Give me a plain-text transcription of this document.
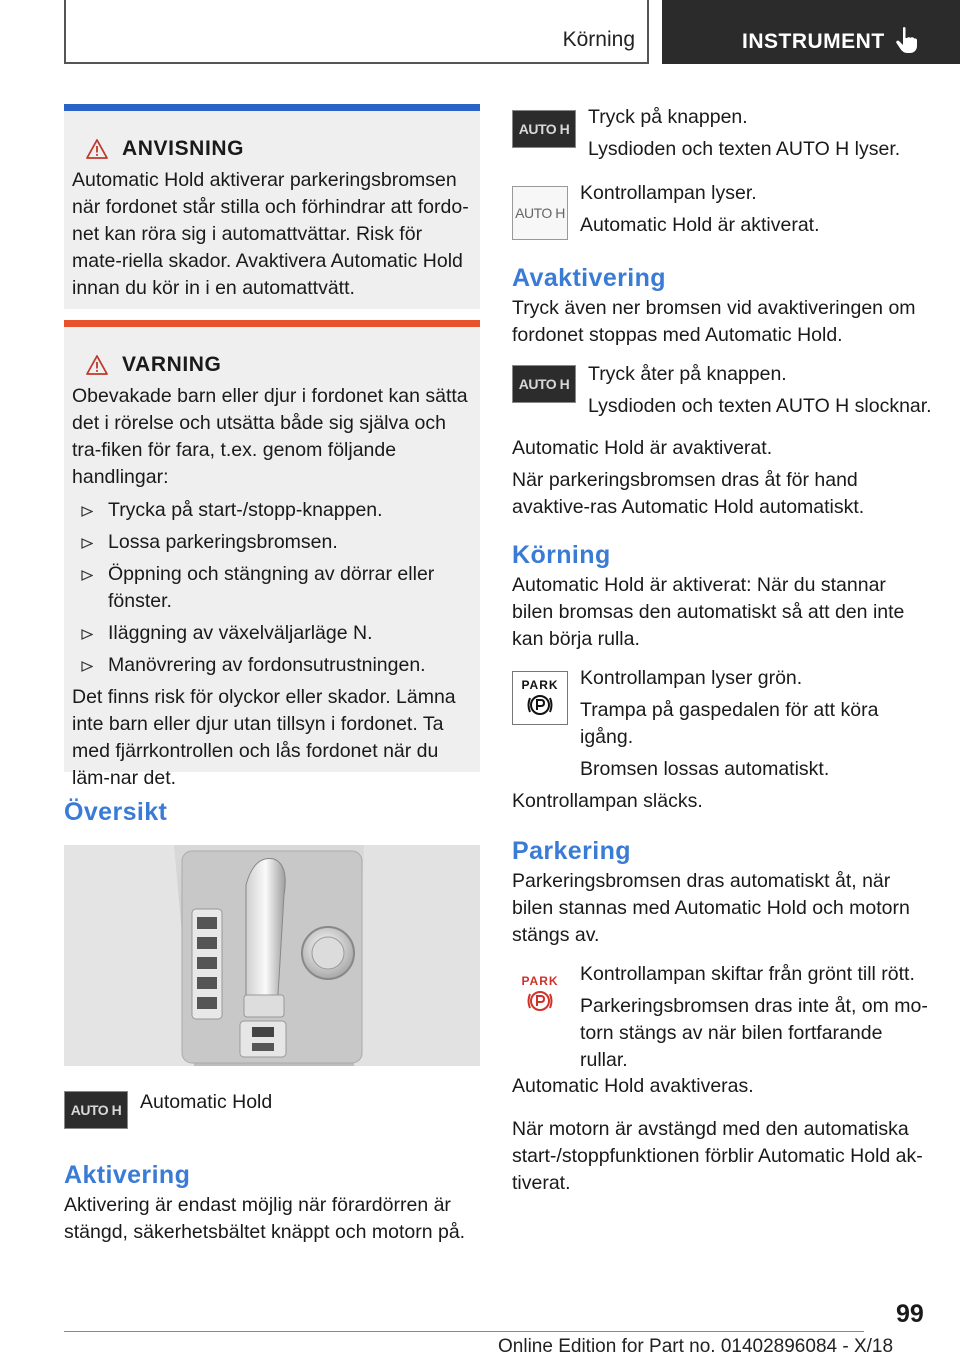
Körning	INSTRUMENT
ANVISNING

Automatic Hold aktiverar parkeringsbromsen när fordonet står stilla och förhindrar att fordo-net kan röra sig i automattvättar. Risk för mate-riella skador. Avaktivera Automatic Hold innan du kör in i en automattvätt.

VARNING

Obevakade barn eller djur i fordonet kan sätta det i rörelse och utsätta både sig själva och tra-fiken för fara, t.ex. genom följande handlingar:

Trycka på start-/stopp-knappen.
Lossa parkeringsbromsen.
Öppning och stängning av dörrar eller fönster.
Iläggning av växelväljarläge N.
Manövrering av fordonsutrustningen.

Det finns risk för olyckor eller skador. Lämna inte barn eller djur utan tillsyn i fordonet. Ta med fjärrkontrollen och lås fordonet när du läm-nar det.

Översikt
AUTO H Automatic Hold
Aktivering

Aktivering är endast möjlig när förardörren är stängd, säkerhetsbältet knäppt och motorn på.

AUTO H

Tryck på knappen.

Lysdioden och texten AUTO H lyser.

AUTO H

Kontrollampan lyser.

Automatic Hold är aktiverat.

Avaktivering

Tryck även ner bromsen vid avaktiveringen om fordonet stoppas med Automatic Hold.

AUTO H Tryck åter på knappen.

Lysdioden och texten AUTO H slocknar.

Automatic Hold är avaktiverat.

När parkeringsbromsen dras åt för hand avaktive-ras Automatic Hold automatiskt.

Körning

Automatic Hold är aktiverat: När du stannar bilen bromsas den automatiskt så att den inte kan börja rulla.

PARK Kontrollampan lyser grön.

Trampa på gaspedalen för att köra igång.

Bromsen lossas automatiskt.

Kontrollampan släcks.

Parkering

Parkeringsbromsen dras automatiskt åt, när bilen stannas med Automatic Hold och motorn stängs av.

PARK Kontrollampan skiftar från grönt till rött.

Parkeringsbromsen dras inte åt, om mo-torn stängs av när bilen fortfarande rullar.

Automatic Hold avaktiveras.

När motorn är avstängd med den automatiska start-/stoppfunktionen förblir Automatic Hold ak-tiverat.

99
Online Edition for Part no. 01402896084 - X/18
